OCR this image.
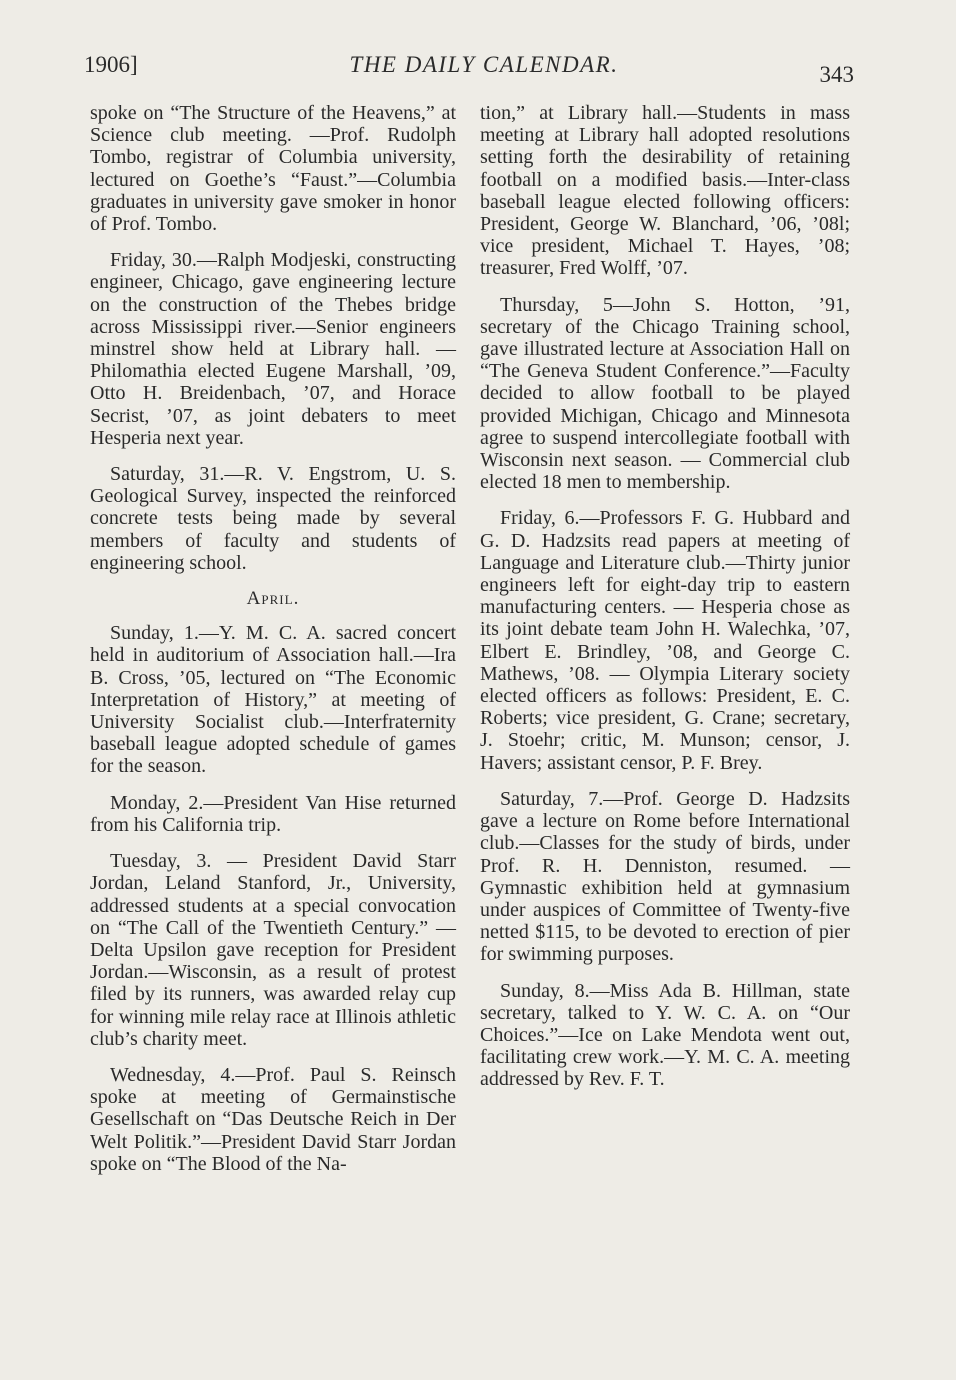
1906]	THE DAILY CALENDAR.	343

spoke on “The Structure of the Heavens,” at Science club meeting. —Prof. Rudolph Tombo, registrar of Columbia university, lectured on Goethe’s “Faust.”—Columbia graduates in university gave smoker in honor of Prof. Tombo.

Friday, 30.—Ralph Modjeski, constructing engineer, Chicago, gave engineering lecture on the construction of the Thebes bridge across Mississippi river.—Senior engineers minstrel show held at Library hall. —Philomathia elected Eugene Marshall, ’09, Otto H. Breidenbach, ’07, and Horace Secrist, ’07, as joint debaters to meet Hesperia next year.

Saturday, 31.—R. V. Engstrom, U. S. Geological Survey, inspected the reinforced concrete tests being made by several members of faculty and students of engineering school.

April.

Sunday, 1.—Y. M. C. A. sacred concert held in auditorium of Association hall.—Ira B. Cross, ’05, lectured on “The Economic Interpretation of History,” at meeting of University Socialist club.—Interfraternity baseball league adopted schedule of games for the season.

Monday, 2.—President Van Hise returned from his California trip.

Tuesday, 3. — President David Starr Jordan, Leland Stanford, Jr., University, addressed students at a special convocation on “The Call of the Twentieth Century.” — Delta Upsilon gave reception for President Jordan.—Wisconsin, as a result of protest filed by its runners, was awarded relay cup for winning mile relay race at Illinois athletic club’s charity meet.

Wednesday, 4.—Prof. Paul S. Reinsch spoke at meeting of Germainstische Gesellschaft on “Das Deutsche Reich in Der Welt Politik.”—President David Starr Jordan spoke on “The Blood of the Na-

tion,” at Library hall.—Students in mass meeting at Library hall adopted resolutions setting forth the desirability of retaining football on a modified basis.—Inter-class baseball league elected following officers: President, George W. Blanchard, ’06, ’08l; vice president, Michael T. Hayes, ’08; treasurer, Fred Wolff, ’07.

Thursday, 5—John S. Hotton, ’91, secretary of the Chicago Training school, gave illustrated lecture at Association Hall on “The Geneva Student Conference.”—Faculty decided to allow football to be played provided Michigan, Chicago and Minnesota agree to suspend intercollegiate football with Wisconsin next season. — Commercial club elected 18 men to membership.

Friday, 6.—Professors F. G. Hubbard and G. D. Hadzsits read papers at meeting of Language and Literature club.—Thirty junior engineers left for eight-day trip to eastern manufacturing centers. — Hesperia chose as its joint debate team John H. Walechka, ’07, Elbert E. Brindley, ’08, and George C. Mathews, ’08. — Olympia Literary society elected officers as follows: President, E. C. Roberts; vice president, G. Crane; secretary, J. Stoehr; critic, M. Munson; censor, J. Havers; assistant censor, P. F. Brey.

Saturday, 7.—Prof. George D. Hadzsits gave a lecture on Rome before International club.—Classes for the study of birds, under Prof. R. H. Denniston, resumed. — Gymnastic exhibition held at gymnasium under auspices of Committee of Twenty-five netted $115, to be devoted to erection of pier for swimming purposes.

Sunday, 8.—Miss Ada B. Hillman, state secretary, talked to Y. W. C. A. on “Our Choices.”—Ice on Lake Mendota went out, facilitating crew work.—Y. M. C. A. meeting addressed by Rev. F. T.
